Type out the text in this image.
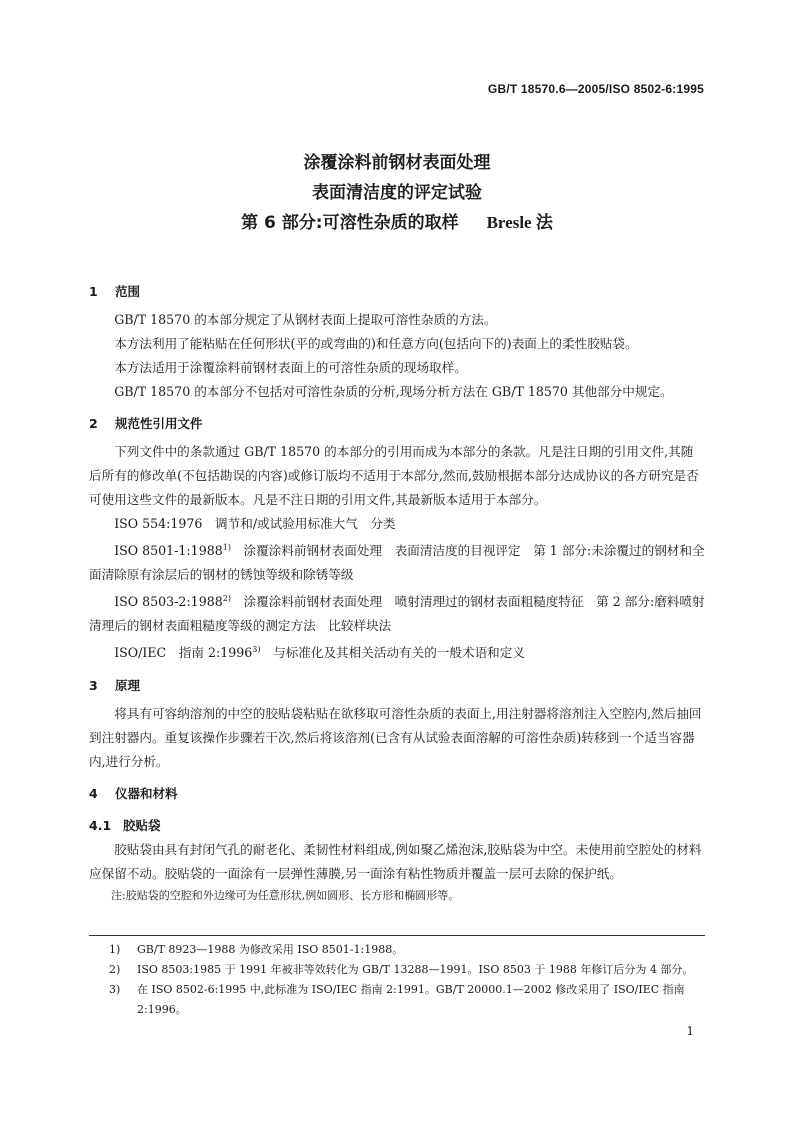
GB/T 18570.6—2005/ISO 8502-6:1995
涂覆涂料前钢材表面处理
表面清洁度的评定试验
第 6 部分:可溶性杂质的取样 Bresle 法
1 范围

GB/T 18570 的本部分规定了从钢材表面上提取可溶性杂质的方法。

本方法利用了能粘贴在任何形状(平的或弯曲的)和任意方向(包括向下的)表面上的柔性胶贴袋。

本方法适用于涂覆涂料前钢材表面上的可溶性杂质的现场取样。

GB/T 18570 的本部分不包括对可溶性杂质的分析,现场分析方法在 GB/T 18570 其他部分中规定。

2 规范性引用文件

下列文件中的条款通过 GB/T 18570 的本部分的引用而成为本部分的条款。凡是注日期的引用文件,其随后所有的修改单(不包括勘误的内容)或修订版均不适用于本部分,然而,鼓励根据本部分达成协议的各方研究是否可使用这些文件的最新版本。凡是不注日期的引用文件,其最新版本适用于本部分。

ISO 554:1976　调节和/或试验用标准大气　分类

ISO 8501-1:1988$^{1)}$　涂覆涂料前钢材表面处理　表面清洁度的目视评定　第 1 部分:未涂覆过的钢材和全面清除原有涂层后的钢材的锈蚀等级和除锈等级

ISO 8503-2:1988$^{2)}$　涂覆涂料前钢材表面处理　喷射清理过的钢材表面粗糙度特征　第 2 部分:磨料喷射清理后的钢材表面粗糙度等级的测定方法　比较样块法

ISO/IEC　指南 2:1996$^{3)}$　与标准化及其相关活动有关的一般术语和定义

3 原理

将具有可容纳溶剂的中空的胶贴袋粘贴在欲移取可溶性杂质的表面上,用注射器将溶剂注入空腔内,然后抽回到注射器内。重复该操作步骤若干次,然后将该溶剂(已含有从试验表面溶解的可溶性杂质)转移到一个适当容器内,进行分析。

4 仪器和材料
4.1 胶贴袋

胶贴袋由具有封闭气孔的耐老化、柔韧性材料组成,例如聚乙烯泡沫,胶贴袋为中空。未使用前空腔处的材料应保留不动。胶贴袋的一面涂有一层弹性薄膜,另一面涂有粘性物质并覆盖一层可去除的保护纸。

注:胶贴袋的空腔和外边缘可为任意形状,例如圆形、长方形和椭圆形等。

1)	GB/T 8923—1988 为修改采用 ISO 8501-1:1988。
2)	ISO 8503:1985 于 1991 年被非等效转化为 GB/T 13288—1991。ISO 8503 于 1988 年修订后分为 4 部分。
3)	在 ISO 8502-6:1995 中,此标准为 ISO/IEC 指南 2:1991。GB/T 20000.1—2002 修改采用了 ISO/IEC 指南 2:1996。
1
